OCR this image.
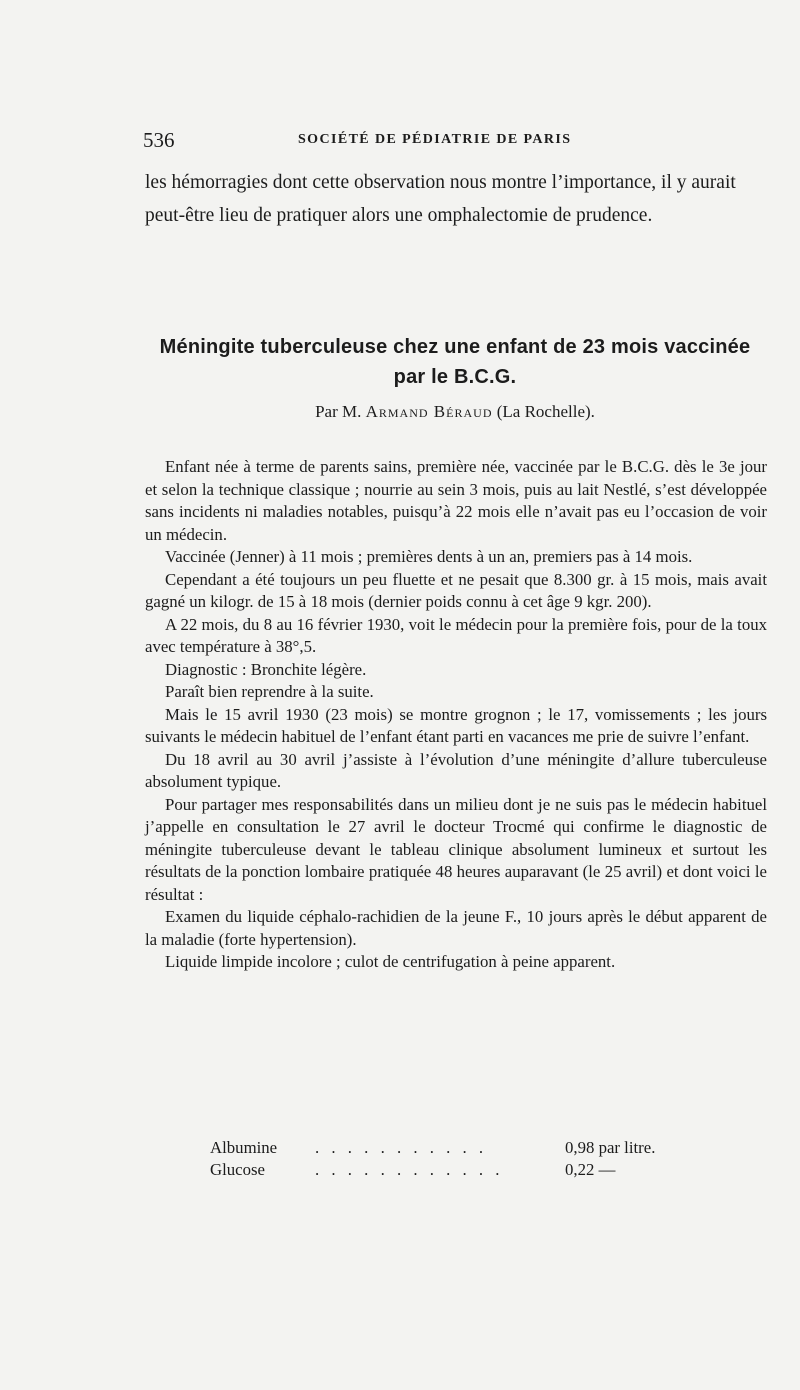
536	SOCIÉTÉ DE PÉDIATRIE DE PARIS

les hémorragies dont cette observation nous montre l’importance, il y aurait peut-être lieu de pratiquer alors une omphalectomie de prudence.

Méningite tuberculeuse chez une enfant de 23 mois vaccinée par le B.C.G.
Par M. Armand Béraud (La Rochelle).

Enfant née à terme de parents sains, première née, vaccinée par le B.C.G. dès le 3e jour et selon la technique classique ; nourrie au sein 3 mois, puis au lait Nestlé, s’est développée sans incidents ni maladies notables, puisqu’à 22 mois elle n’avait pas eu l’occasion de voir un médecin.

Vaccinée (Jenner) à 11 mois ; premières dents à un an, premiers pas à 14 mois.

Cependant a été toujours un peu fluette et ne pesait que 8.300 gr. à 15 mois, mais avait gagné un kilogr. de 15 à 18 mois (dernier poids connu à cet âge 9 kgr. 200).

A 22 mois, du 8 au 16 février 1930, voit le médecin pour la première fois, pour de la toux avec température à 38°,5.

Diagnostic : Bronchite légère.

Paraît bien reprendre à la suite.

Mais le 15 avril 1930 (23 mois) se montre grognon ; le 17, vomissements ; les jours suivants le médecin habituel de l’enfant étant parti en vacances me prie de suivre l’enfant.

Du 18 avril au 30 avril j’assiste à l’évolution d’une méningite d’allure tuberculeuse absolument typique.

Pour partager mes responsabilités dans un milieu dont je ne suis pas le médecin habituel j’appelle en consultation le 27 avril le docteur Trocmé qui confirme le diagnostic de méningite tuberculeuse devant le tableau clinique absolument lumineux et surtout les résultats de la ponction lombaire pratiquée 48 heures auparavant (le 25 avril) et dont voici le résultat :

Examen du liquide céphalo-rachidien de la jeune F., 10 jours après le début apparent de la maladie (forte hypertension).

Liquide limpide incolore ; culot de centrifugation à peine apparent.

Albumine	. . . . . . . . . . .	0,98 par litre.
Glucose	. . . . . . . . . . . .	0,22 —
